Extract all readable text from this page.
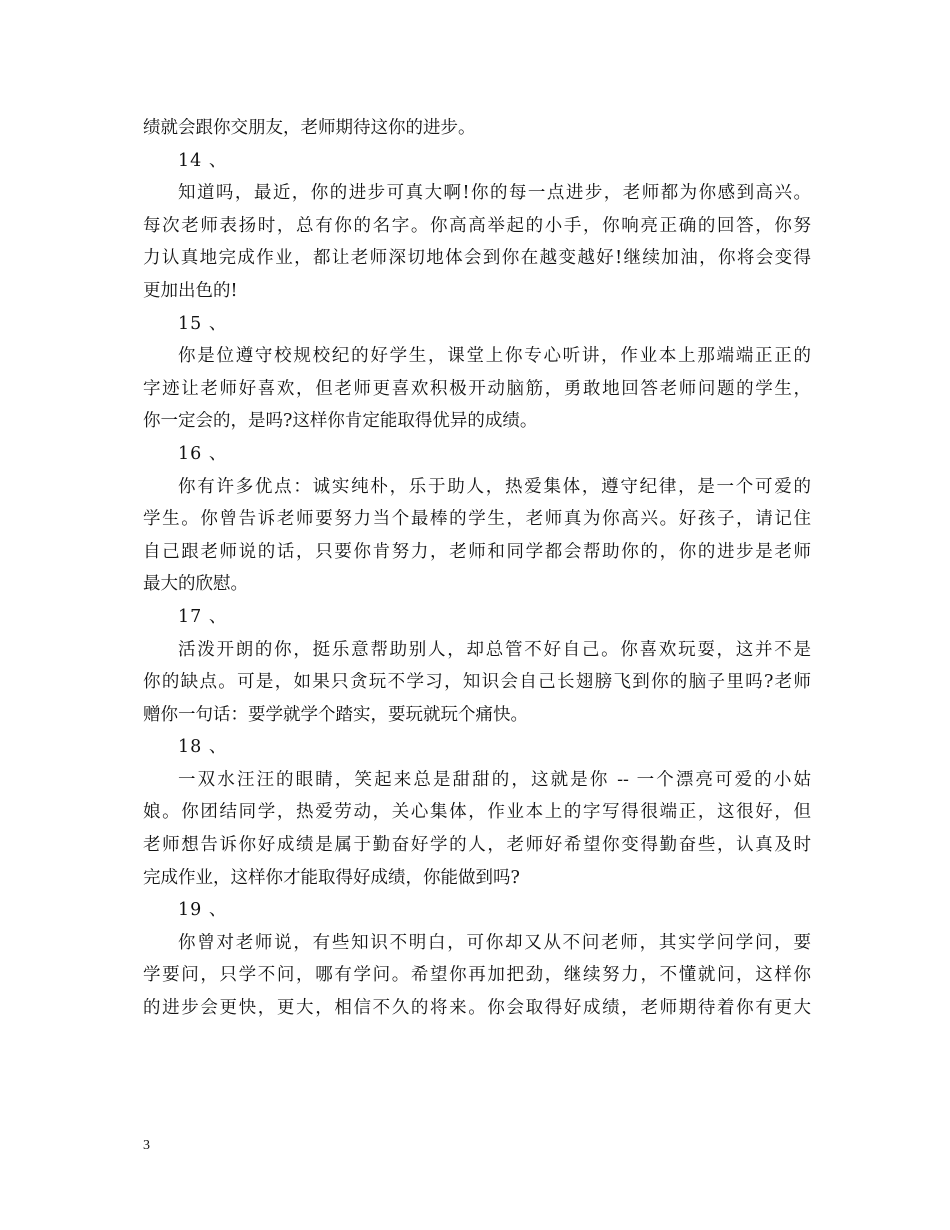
绩就会跟你交朋友，老师期待这你的进步。
14 、
知道吗，最近，你的进步可真大啊!你的每一点进步，老师都为你感到高兴。
每次老师表扬时，总有你的名字。你高高举起的小手，你响亮正确的回答，你努
力认真地完成作业，都让老师深切地体会到你在越变越好!继续加油，你将会变得
更加出色的!
15 、
你是位遵守校规校纪的好学生，课堂上你专心听讲，作业本上那端端正正的
字迹让老师好喜欢，但老师更喜欢积极开动脑筋，勇敢地回答老师问题的学生，
你一定会的，是吗?这样你肯定能取得优异的成绩。
16 、
你有许多优点：诚实纯朴，乐于助人，热爱集体，遵守纪律，是一个可爱的
学生。你曾告诉老师要努力当个最棒的学生，老师真为你高兴。好孩子，请记住
自己跟老师说的话，只要你肯努力，老师和同学都会帮助你的，你的进步是老师
最大的欣慰。
17 、
活泼开朗的你，挺乐意帮助别人，却总管不好自己。你喜欢玩耍，这并不是
你的缺点。可是，如果只贪玩不学习，知识会自己长翅膀飞到你的脑子里吗?老师
赠你一句话：要学就学个踏实，要玩就玩个痛快。
18 、
一双水汪汪的眼睛，笑起来总是甜甜的，这就是你 -- 一个漂亮可爱的小姑
娘。你团结同学，热爱劳动，关心集体，作业本上的字写得很端正，这很好，但
老师想告诉你好成绩是属于勤奋好学的人，老师好希望你变得勤奋些，认真及时
完成作业，这样你才能取得好成绩，你能做到吗?
19 、
你曾对老师说，有些知识不明白，可你却又从不问老师，其实学问学问，要
学要问，只学不问，哪有学问。希望你再加把劲，继续努力，不懂就问，这样你
的进步会更快，更大，相信不久的将来。你会取得好成绩，老师期待着你有更大
3
